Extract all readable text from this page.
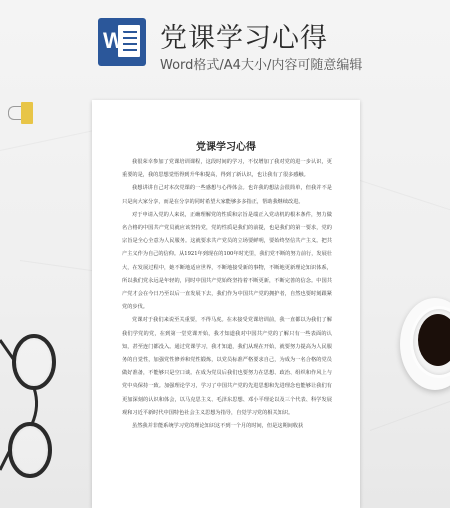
W 党课学习心得
Word格式/A4大小/内容可随意编辑
党课学习心得

我很荣幸参加了党课培训课程，这段时间的学习，不仅增加了我对党的进一步认识，更重要的是，我的思想觉悟得到升华和提高，得到了新认识，也让我有了很多感触。

我想讲讲自己对本次党课的一些感想与心得体会。也许我的想法会很简单，但我并不是只是向大家分享，而是在分享的同时希望大家能够多多指正，帮助我继续改进。

对于申请入党的人来说，正确理解党的性质和宗旨是端正入党动机的根本条件，努力做名合格的中国共产党员就应该坚持党，党的性质是我们的前提，也是我们的第一要求，党的宗旨是全心全意为人民服务。这就要求共产党员的立场要鲜明，要始终坚信共产主义。把共产主义作为自己的信仰。从1921年到现在的100年时光里，我们党不断的努力前行，发展壮大，在发展过程中，她不断地适应世界，不断地接受新的事物，不断地更新理论知识体系，所以我们党永远是年轻的，同时中国共产党始终坚持着不断更新，不断完善的信念。中国共产党才会在今日乃至以后一直发展下去，我们作为中国共产党的拥护者，自然也要时刻跟紧党的步伐。

党课对于我们来说至关重要，不得马虎。在未接受党课培训前，我一直都以为我们了解我们学党的党，在到第一堂党课开始，我才知道我对中国共产党的了解只有一些表面的认知，甚至连门都没入。通过党课学习，我才知道，我们从现在开始，就要努力提高为人民服务的自觉性，加强党性修养和党性锻炼，以党员标准严格要求自己，为成为一名合格的党员做好准备，不能够只是空口谈。在成为党员后我们也要努力在思想、政治、组织和作风上与党中央保持一致。加强理论学习，学习了中国共产党的先进思想和先进理念也能够让我们有更加深刻的认识和体会，以马克思主义、毛泽东思想、邓小平理论以及三个代表、科学发展观和习近平新时代中国特色社会主义思想为指导，自觉学习党的相关知识。

虽然我并非能系统学习党的理论知识这不到一个月的时间，但是这期间收获
